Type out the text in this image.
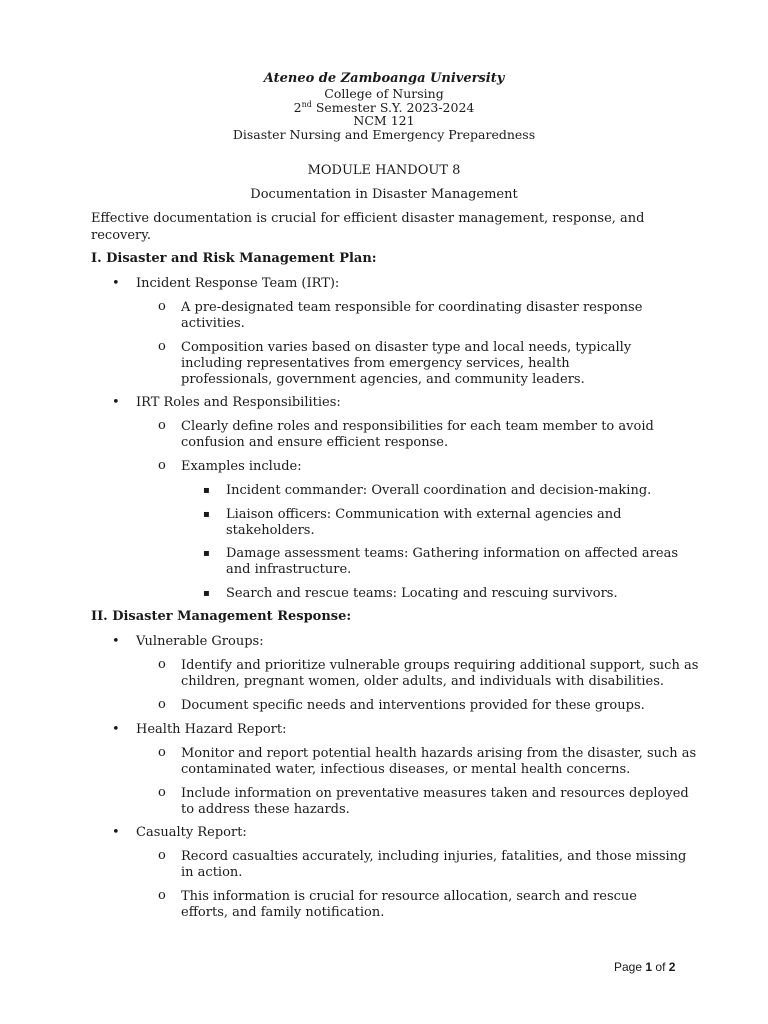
Ateneo de Zamboanga University
College of Nursing
2nd Semester S.Y. 2023-2024
NCM 121
Disaster Nursing and Emergency Preparedness
MODULE HANDOUT 8
Documentation in Disaster Management
Effective documentation is crucial for efficient disaster management, response, and
recovery.
I. Disaster and Risk Management Plan:
• Incident Response Team (IRT):
o A pre-designated team responsible for coordinating disaster response
activities.
o Composition varies based on disaster type and local needs, typically
including representatives from emergency services, health
professionals, government agencies, and community leaders.
• IRT Roles and Responsibilities:
o Clearly define roles and responsibilities for each team member to avoid
confusion and ensure efficient response.
o Examples include:
▪ Incident commander: Overall coordination and decision-making.
▪ Liaison officers: Communication with external agencies and
stakeholders.
▪ Damage assessment teams: Gathering information on affected areas
and infrastructure.
▪ Search and rescue teams: Locating and rescuing survivors.
II. Disaster Management Response:
• Vulnerable Groups:
o Identify and prioritize vulnerable groups requiring additional support, such as
children, pregnant women, older adults, and individuals with disabilities.
o Document specific needs and interventions provided for these groups.
• Health Hazard Report:
o Monitor and report potential health hazards arising from the disaster, such as
contaminated water, infectious diseases, or mental health concerns.
o Include information on preventative measures taken and resources deployed
to address these hazards.
• Casualty Report:
o Record casualties accurately, including injuries, fatalities, and those missing
in action.
o This information is crucial for resource allocation, search and rescue
efforts, and family notification.
Page 1 of 2
